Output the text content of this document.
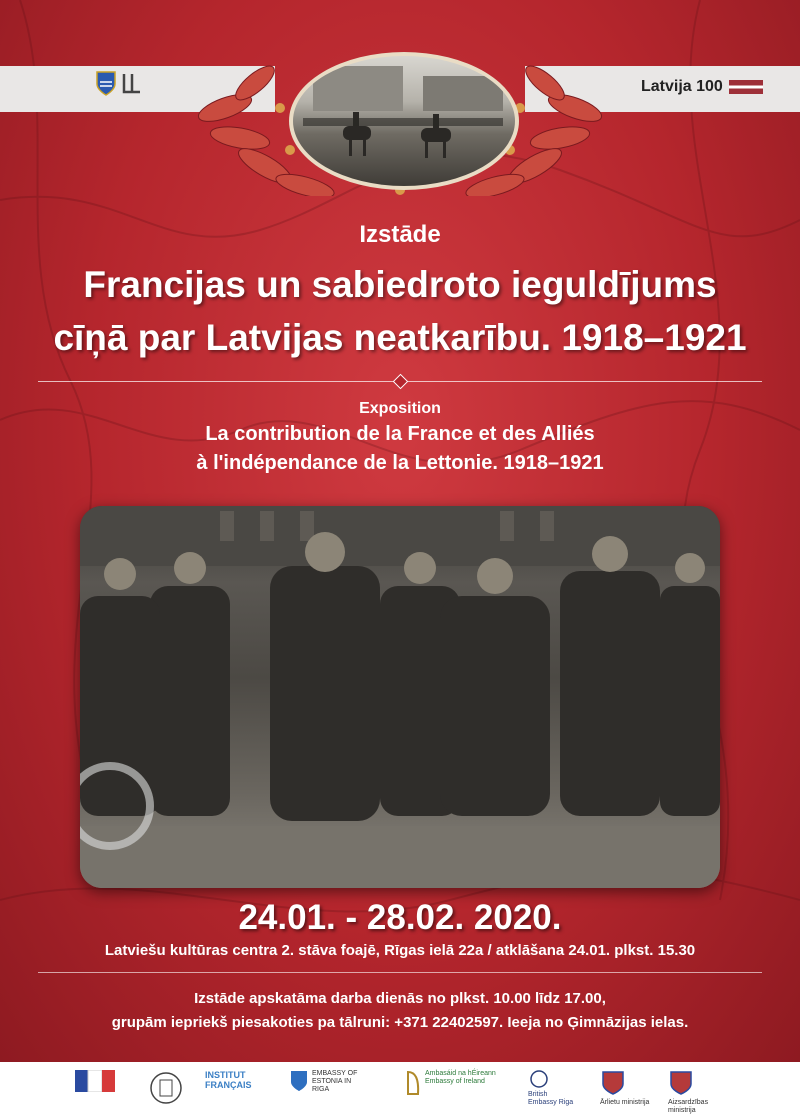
Latvija 100
Izstāde
Francijas un sabiedroto ieguldījums
cīņā par Latvijas neatkarību. 1918–1921
Exposition
La contribution de la France et des Alliés
à l'indépendance de la Lettonie. 1918–1921
24.01. - 28.02. 2020.
Latviešu kultūras centra 2. stāva foajē, Rīgas ielā 22a / atklāšana 24.01. plkst. 15.30
Izstāde apskatāma darba dienās no plkst. 10.00 līdz 17.00,
grupām iepriekš piesakoties pa tālruni: +371 22402597. Ieeja no Ģimnāzijas ielas.
INSTITUT FRANÇAIS
EMBASSY OF ESTONIA IN RIGA
Ambasáid na hÉireann Embassy of Ireland
British Embassy Riga	Ārlietu ministrija	Aizsardzības ministrija
